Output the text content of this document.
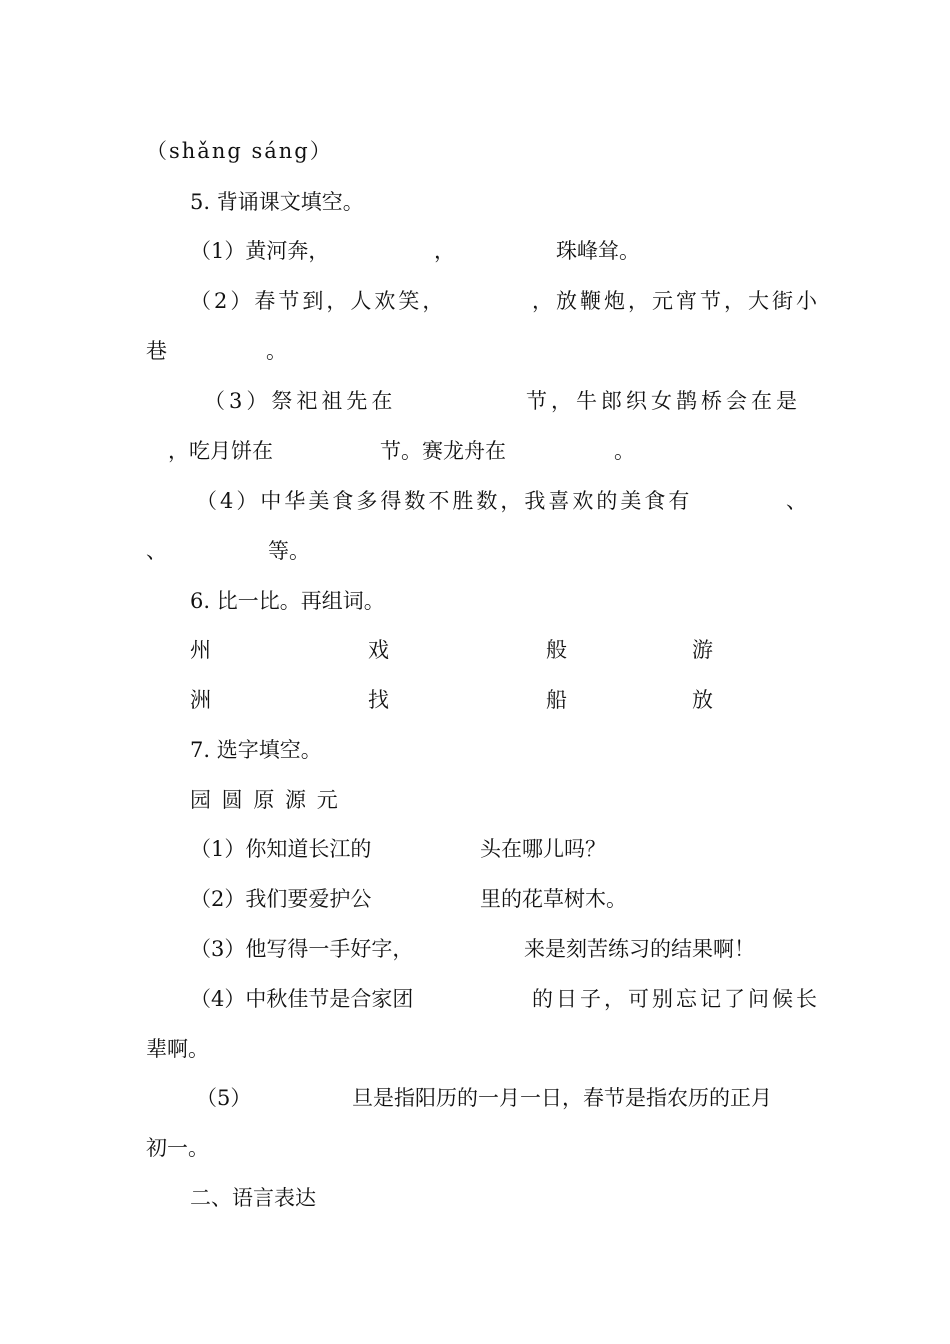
（shǎng sáng）
5. 背诵课文填空。
（1）黄河奔，	，	珠峰耸。
（2）春节到，人欢笑，	，放鞭炮，元宵节，大街小
巷	。
（3）祭祀祖先在	节，牛郎织女鹊桥会在是
，吃月饼在	节。赛龙舟在	。
（4）中华美食多得数不胜数，我喜欢的美食有	、
、	等。
6. 比一比。再组词。
州	戏	般	游
洲	找	船	放
7. 选字填空。
园 圆 原 源 元
（1）你知道长江的	头在哪儿吗？
（2）我们要爱护公	里的花草树木。
（3）他写得一手好字，	来是刻苦练习的结果啊！
（4）中秋佳节是合家团	的日子，可别忘记了问候长
辈啊。
（5）	旦是指阳历的一月一日，春节是指农历的正月
初一。
二、语言表达
